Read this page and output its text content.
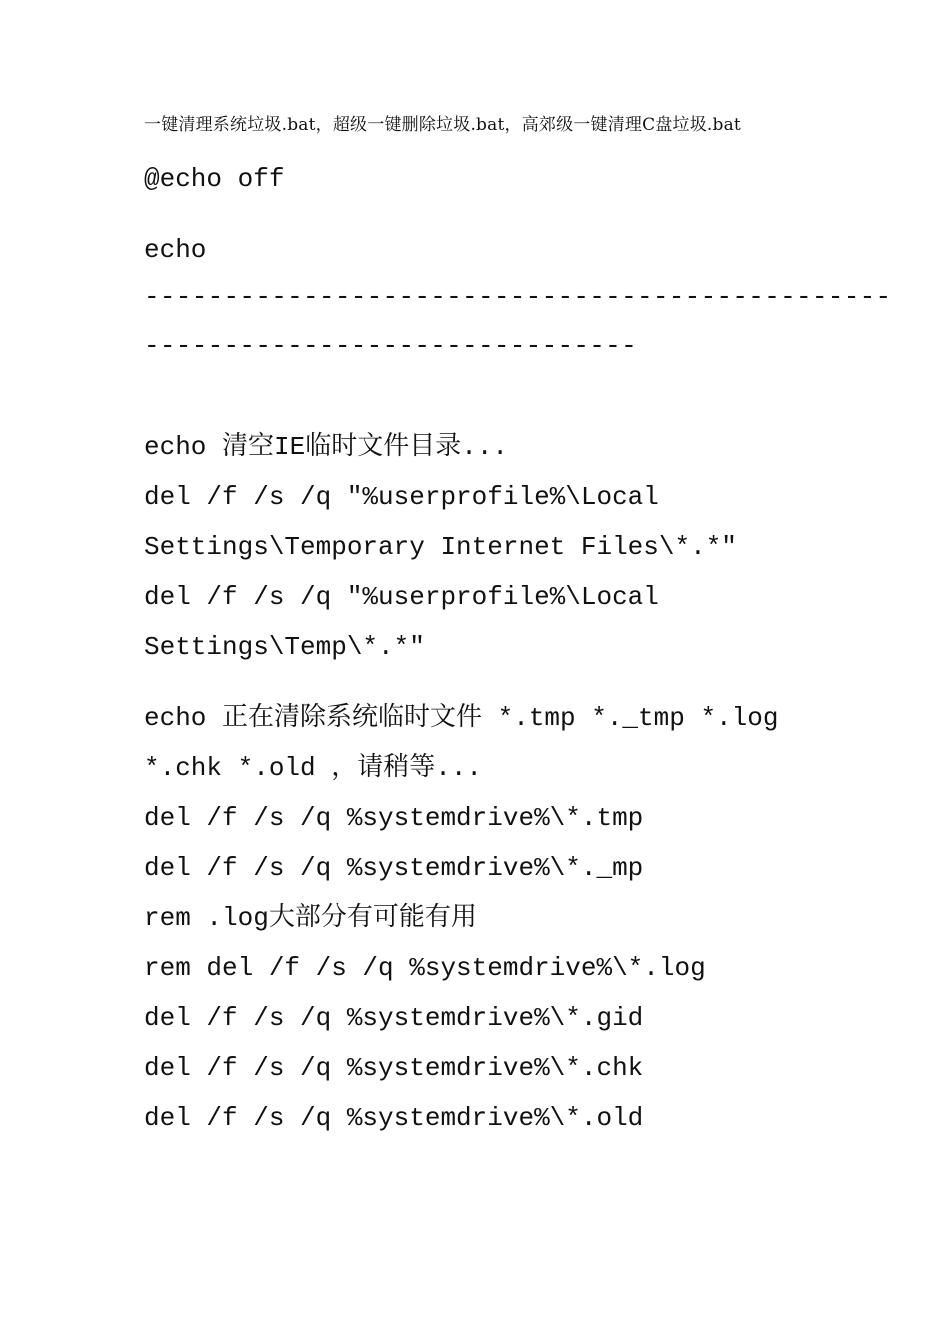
一键清理系统垃圾.bat，超级一键删除垃圾.bat，高郊级一键清理C盘垃圾.bat

@echo off

echo

-----------------------------------------------

-------------------------------

echo 清空IE临时文件目录...

del /f /s /q "%userprofile%\Local

Settings\Temporary Internet Files\*.*"

del /f /s /q "%userprofile%\Local

Settings\Temp\*.*"

echo 正在清除系统临时文件 *.tmp *._tmp *.log

*.chk *.old ，请稍等...

del /f /s /q %systemdrive%\*.tmp

del /f /s /q %systemdrive%\*._mp

rem .log大部分有可能有用

rem del /f /s /q %systemdrive%\*.log

del /f /s /q %systemdrive%\*.gid

del /f /s /q %systemdrive%\*.chk

del /f /s /q %systemdrive%\*.old
